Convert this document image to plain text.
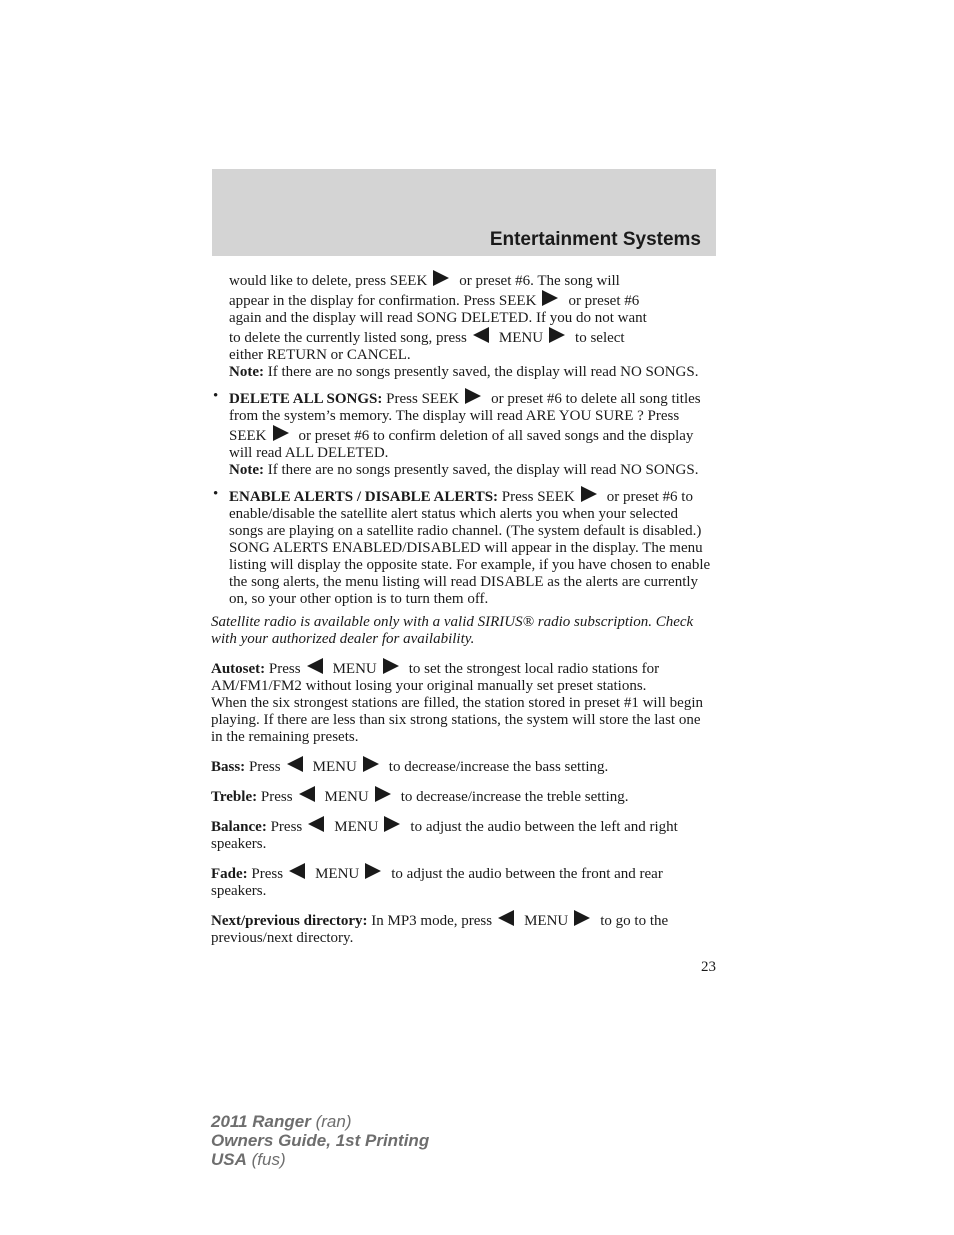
Entertainment Systems

would like to delete, press SEEK or preset #6. The song will

appear in the display for confirmation. Press SEEK or preset #6

again and the display will read SONG DELETED. If you do not want

to delete the currently listed song, press MENU to select

either RETURN or CANCEL.

Note: If there are no songs presently saved, the display will read NO SONGS.

• DELETE ALL SONGS: Press SEEK or preset #6 to delete all song titles from the system’s memory. The display will read ARE YOU SURE ? Press SEEK or preset #6 to confirm deletion of all saved songs and the display will read ALL DELETED.

Note: If there are no songs presently saved, the display will read NO SONGS.

• ENABLE ALERTS / DISABLE ALERTS: Press SEEK or preset #6 to enable/disable the satellite alert status which alerts you when your selected songs are playing on a satellite radio channel. (The system default is disabled.) SONG ALERTS ENABLED/DISABLED will appear in the display. The menu listing will display the opposite state. For example, if you have chosen to enable the song alerts, the menu listing will read DISABLE as the alerts are currently on, so your other option is to turn them off.

Satellite radio is available only with a valid SIRIUS® radio subscription. Check with your authorized dealer for availability.

Autoset: Press MENU to set the strongest local radio stations for AM/FM1/FM2 without losing your original manually set preset stations.

When the six strongest stations are filled, the station stored in preset #1 will begin playing. If there are less than six strong stations, the system will store the last one in the remaining presets.

Bass: Press MENU to decrease/increase the bass setting.

Treble: Press MENU to decrease/increase the treble setting.

Balance: Press MENU to adjust the audio between the left and right speakers.

Fade: Press MENU to adjust the audio between the front and rear speakers.

Next/previous directory: In MP3 mode, press MENU to go to the previous/next directory.

23
2011 Ranger (ran)
Owners Guide, 1st Printing
USA (fus)
